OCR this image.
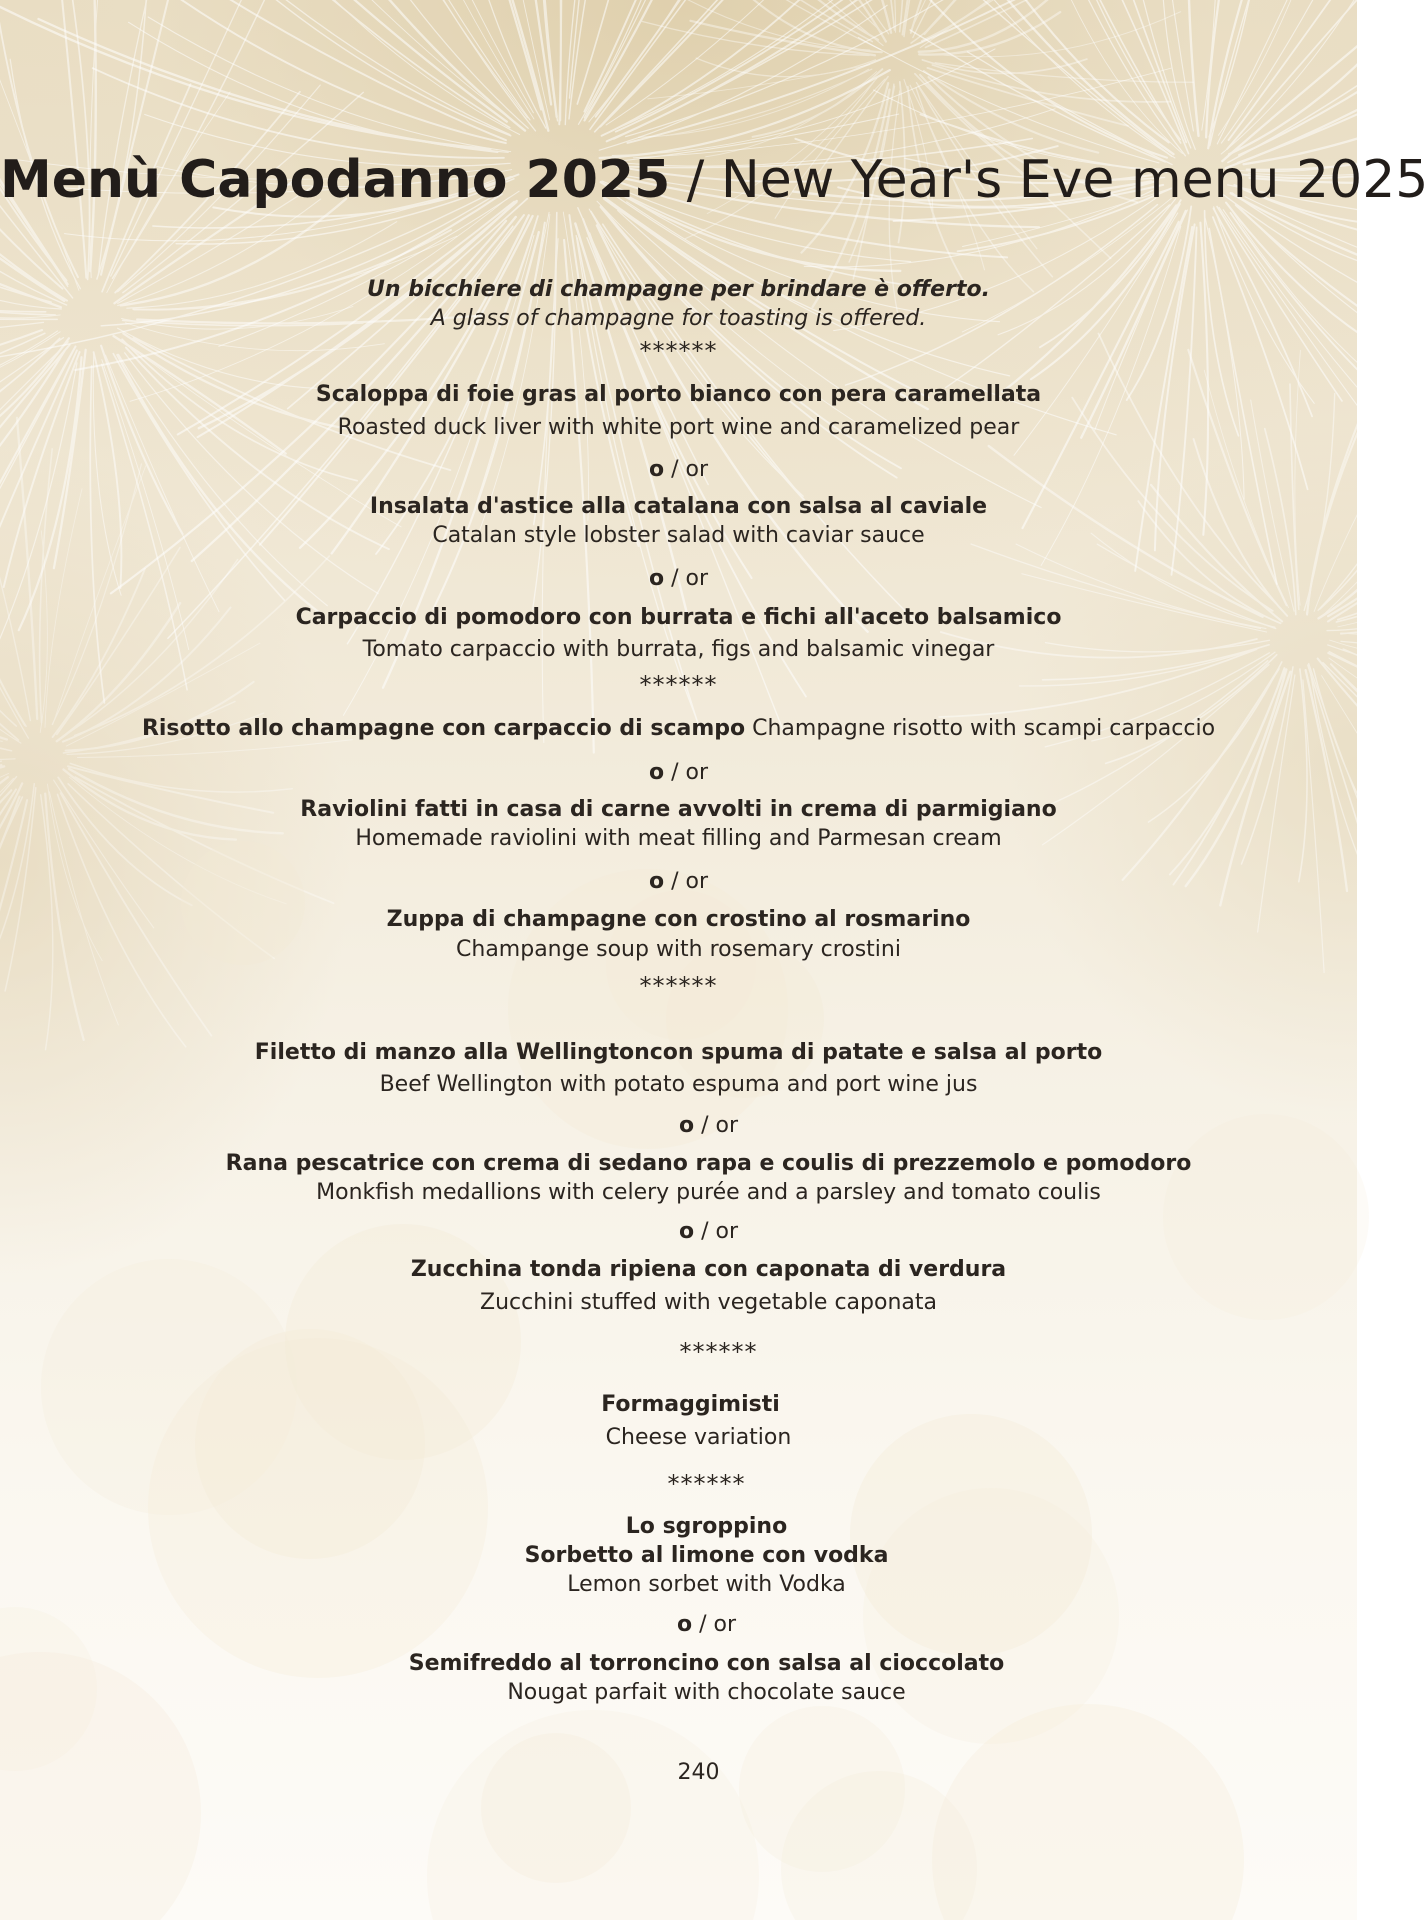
Menù Capodanno 2025 / New Year's Eve menu 2025
Un bicchiere di champagne per brindare è offerto.
A glass of champagne for toasting is offered.
******
Scaloppa di foie gras al porto bianco con pera caramellata
Roasted duck liver with white port wine and caramelized pear
o / or
Insalata d'astice alla catalana con salsa al caviale
Catalan style lobster salad with caviar sauce
o / or
Carpaccio di pomodoro con burrata e fichi all'aceto balsamico
Tomato carpaccio with burrata, figs and balsamic vinegar
******
Risotto allo champagne con carpaccio di scampo Champagne risotto with scampi carpaccio
o / or
Raviolini fatti in casa di carne avvolti in crema di parmigiano
Homemade raviolini with meat filling and Parmesan cream
o / or
Zuppa di champagne con crostino al rosmarino
Champange soup with rosemary crostini
******
Filetto di manzo alla Wellingtoncon spuma di patate e salsa al porto
Beef Wellington with potato espuma and port wine jus
o / or
Rana pescatrice con crema di sedano rapa e coulis di prezzemolo e pomodoro
Monkfish medallions with celery purée and a parsley and tomato coulis
o / or
Zucchina tonda ripiena con caponata di verdura
Zucchini stuffed with vegetable caponata
******
Formaggimisti
Cheese variation
******
Lo sgroppino
Sorbetto al limone con vodka
Lemon sorbet with Vodka
o / or
Semifreddo al torroncino con salsa al cioccolato
Nougat parfait with chocolate sauce
240
